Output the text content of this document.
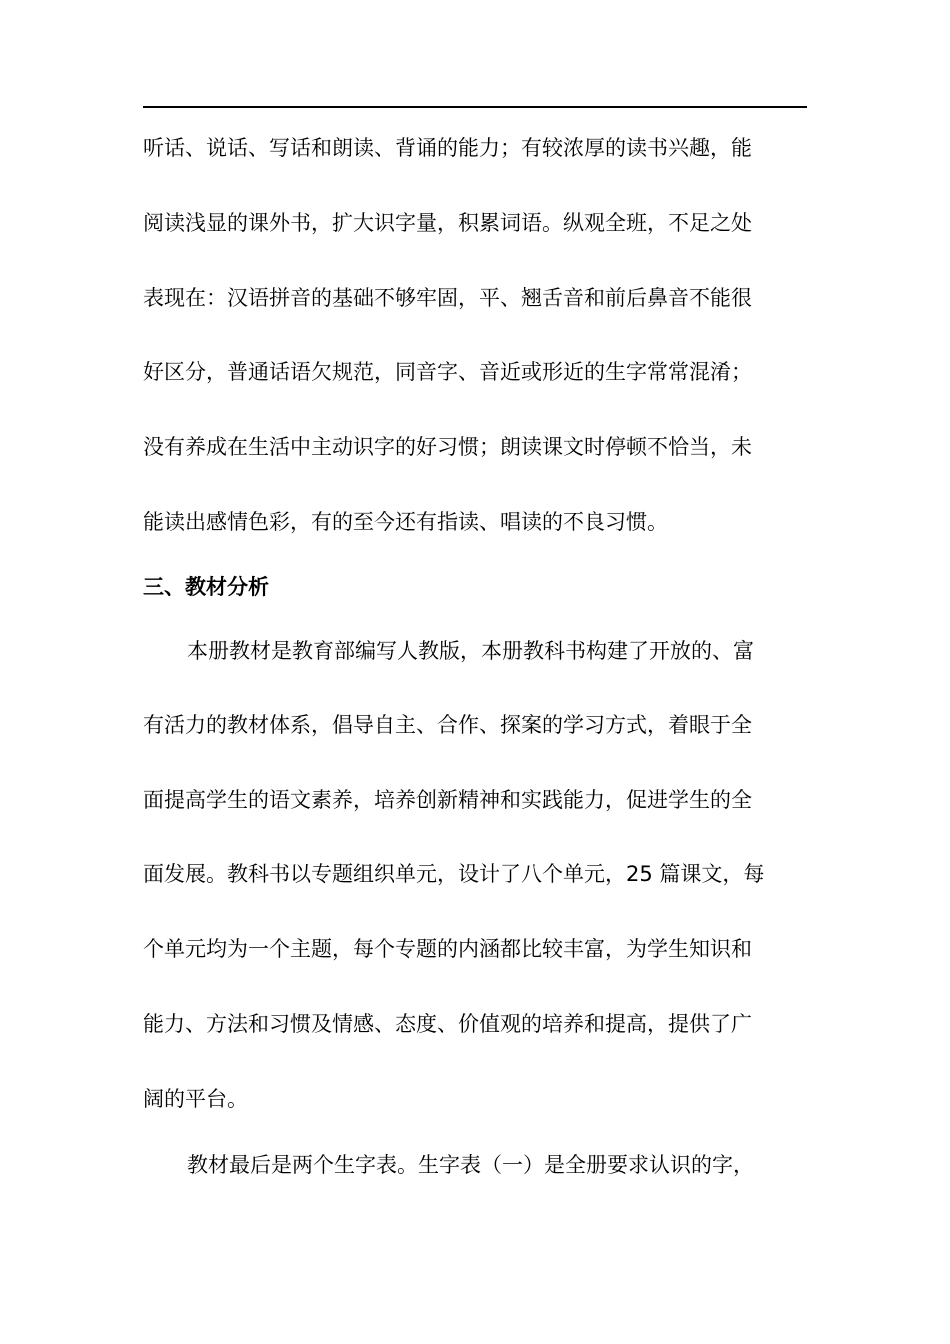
听话、说话、写话和朗读、背诵的能力；有较浓厚的读书兴趣，能
阅读浅显的课外书，扩大识字量，积累词语。纵观全班，不足之处
表现在：汉语拼音的基础不够牢固，平、翘舌音和前后鼻音不能很
好区分，普通话语欠规范，同音字、音近或形近的生字常常混淆；
没有养成在生活中主动识字的好习惯；朗读课文时停顿不恰当，未
能读出感情色彩，有的至今还有指读、唱读的不良习惯。
三、教材分析
本册教材是教育部编写人教版，本册教科书构建了开放的、富
有活力的教材体系，倡导自主、合作、探案的学习方式，着眼于全
面提高学生的语文素养，培养创新精神和实践能力，促进学生的全
面发展。教科书以专题组织单元，设计了八个单元，25 篇课文，每
个单元均为一个主题，每个专题的内涵都比较丰富，为学生知识和
能力、方法和习惯及情感、态度、价值观的培养和提高，提供了广
阔的平台。
教材最后是两个生字表。生字表（一）是全册要求认识的字，
